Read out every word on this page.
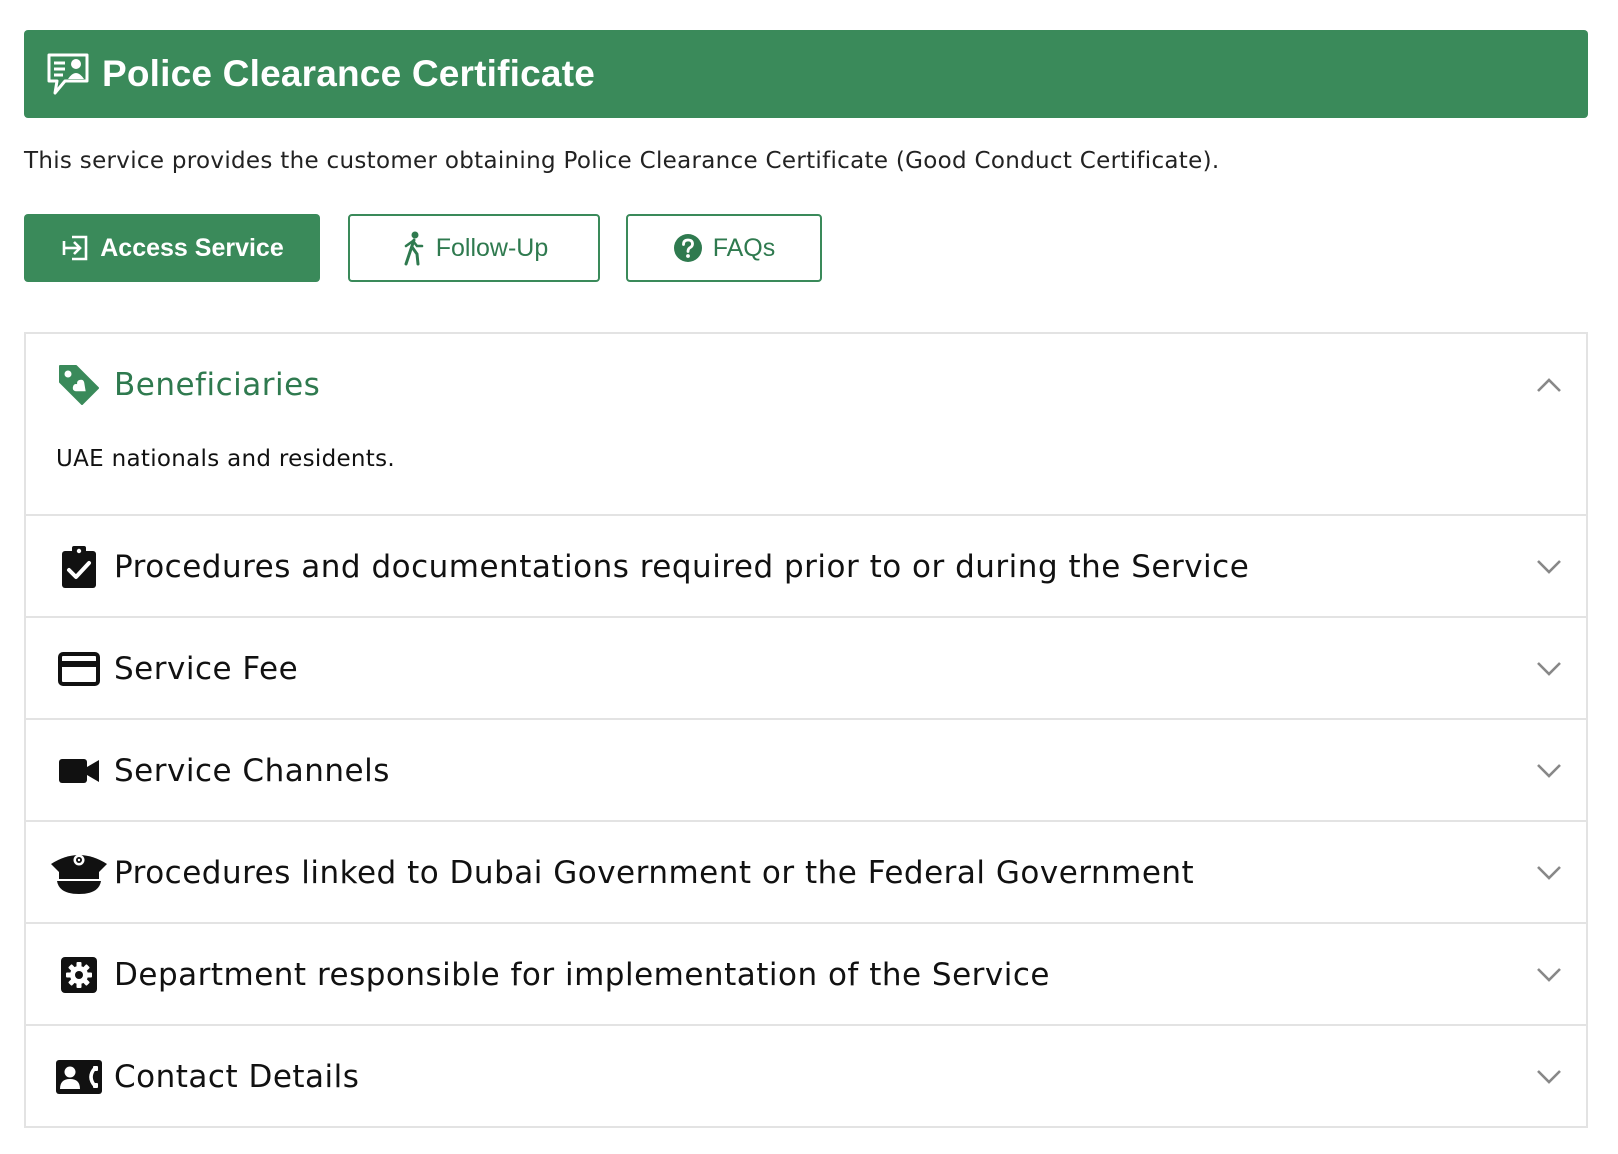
Police Clearance Certificate

This service provides the customer obtaining Police Clearance Certificate (Good Conduct Certificate).

Access Service	Follow-Up	FAQs
Beneficiaries

UAE nationals and residents.

Procedures and documentations required prior to or during the Service
Service Fee
Service Channels
Procedures linked to Dubai Government or the Federal Government
Department responsible for implementation of the Service
Contact Details
